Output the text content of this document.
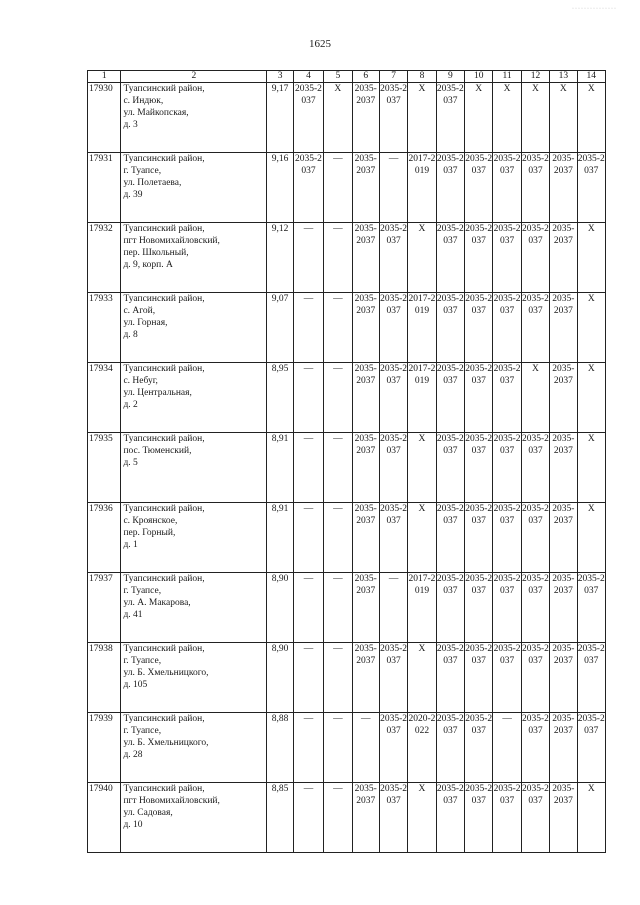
···············
1625
1	2	3	4	5	6	7	8	9	10	11	12	13	14
17930	Туапсинский район,
с. Индюк,
ул. Майкопская,
д. 3	9,17	2035-2037	X	2035-2037	2035-2037	X	2035-2037	X	X	X	X	X
17931	Туапсинский район,
г. Туапсе,
ул. Полетаева,
д. 39	9,16	2035-2037	—	2035-2037	—	2017-2019	2035-2037	2035-2037	2035-2037	2035-2037	2035-2037	2035-2037
17932	Туапсинский район,
пгт Новомихайловский,
пер. Школьный,
д. 9, корп. А	9,12	—	—	2035-2037	2035-2037	X	2035-2037	2035-2037	2035-2037	2035-2037	2035-2037	X
17933	Туапсинский район,
с. Агой,
ул. Горная,
д. 8	9,07	—	—	2035-2037	2035-2037	2017-2019	2035-2037	2035-2037	2035-2037	2035-2037	2035-2037	X
17934	Туапсинский район,
с. Небуг,
ул. Центральная,
д. 2	8,95	—	—	2035-2037	2035-2037	2017-2019	2035-2037	2035-2037	2035-2037	X	2035-2037	X
17935	Туапсинский район,
пос. Тюменский,
д. 5	8,91	—	—	2035-2037	2035-2037	X	2035-2037	2035-2037	2035-2037	2035-2037	2035-2037	X
17936	Туапсинский район,
с. Кроянское,
пер. Горный,
д. 1	8,91	—	—	2035-2037	2035-2037	X	2035-2037	2035-2037	2035-2037	2035-2037	2035-2037	X
17937	Туапсинский район,
г. Туапсе,
ул. А. Макарова,
д. 41	8,90	—	—	2035-2037	—	2017-2019	2035-2037	2035-2037	2035-2037	2035-2037	2035-2037	2035-2037
17938	Туапсинский район,
г. Туапсе,
ул. Б. Хмельницкого,
д. 105	8,90	—	—	2035-2037	2035-2037	X	2035-2037	2035-2037	2035-2037	2035-2037	2035-2037	2035-2037
17939	Туапсинский район,
г. Туапсе,
ул. Б. Хмельницкого,
д. 28	8,88	—	—	—	2035-2037	2020-2022	2035-2037	2035-2037	—	2035-2037	2035-2037	2035-2037
17940	Туапсинский район,
пгт Новомихайловский,
ул. Садовая,
д. 10	8,85	—	—	2035-2037	2035-2037	X	2035-2037	2035-2037	2035-2037	2035-2037	2035-2037	X
